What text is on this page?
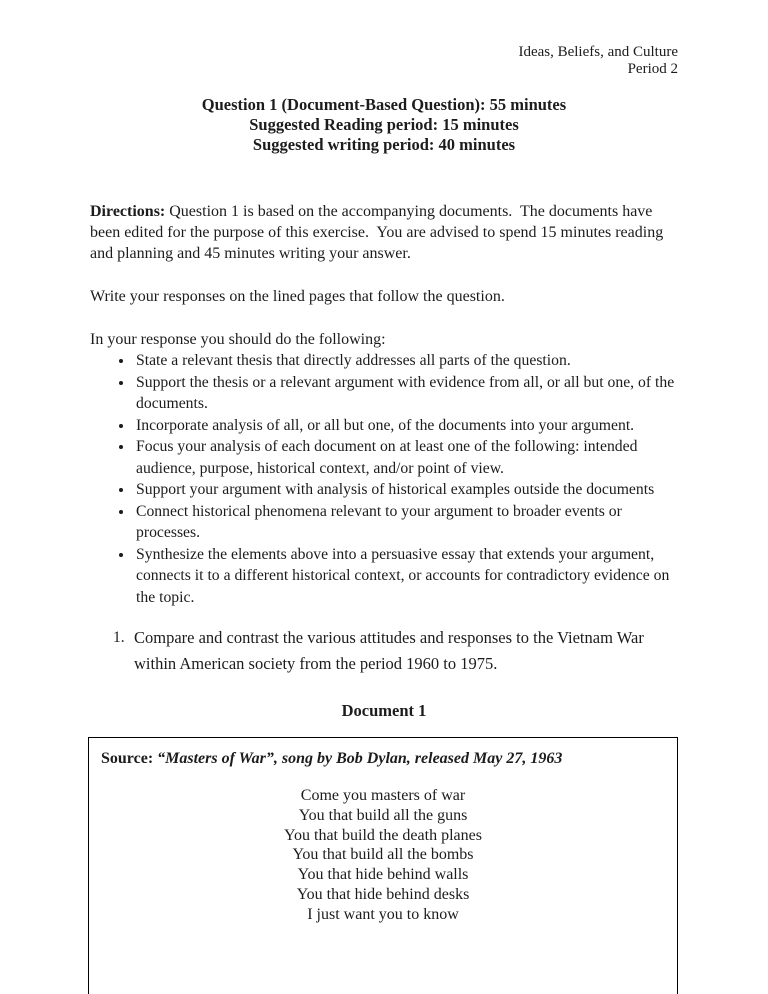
Ideas, Beliefs, and Culture
Period 2
Question 1 (Document-Based Question): 55 minutes
Suggested Reading period: 15 minutes
Suggested writing period: 40 minutes

Directions: Question 1 is based on the accompanying documents.  The documents have been edited for the purpose of this exercise.  You are advised to spend 15 minutes reading and planning and 45 minutes writing your answer.

Write your responses on the lined pages that follow the question.

In your response you should do the following:

• State a relevant thesis that directly addresses all parts of the question.
• Support the thesis or a relevant argument with evidence from all, or all but one, of the documents.
• Incorporate analysis of all, or all but one, of the documents into your argument.
• Focus your analysis of each document on at least one of the following: intended audience, purpose, historical context, and/or point of view.
• Support your argument with analysis of historical examples outside the documents
• Connect historical phenomena relevant to your argument to broader events or processes.
• Synthesize the elements above into a persuasive essay that extends your argument, connects it to a different historical context, or accounts for contradictory evidence on the topic.
1. Compare and contrast the various attitudes and responses to the Vietnam War within American society from the period 1960 to 1975.
Document 1

Source: “Masters of War”, song by Bob Dylan, released May 27, 1963

Come you masters of war
You that build all the guns
You that build the death planes
You that build all the bombs
You that hide behind walls
You that hide behind desks
I just want you to know
